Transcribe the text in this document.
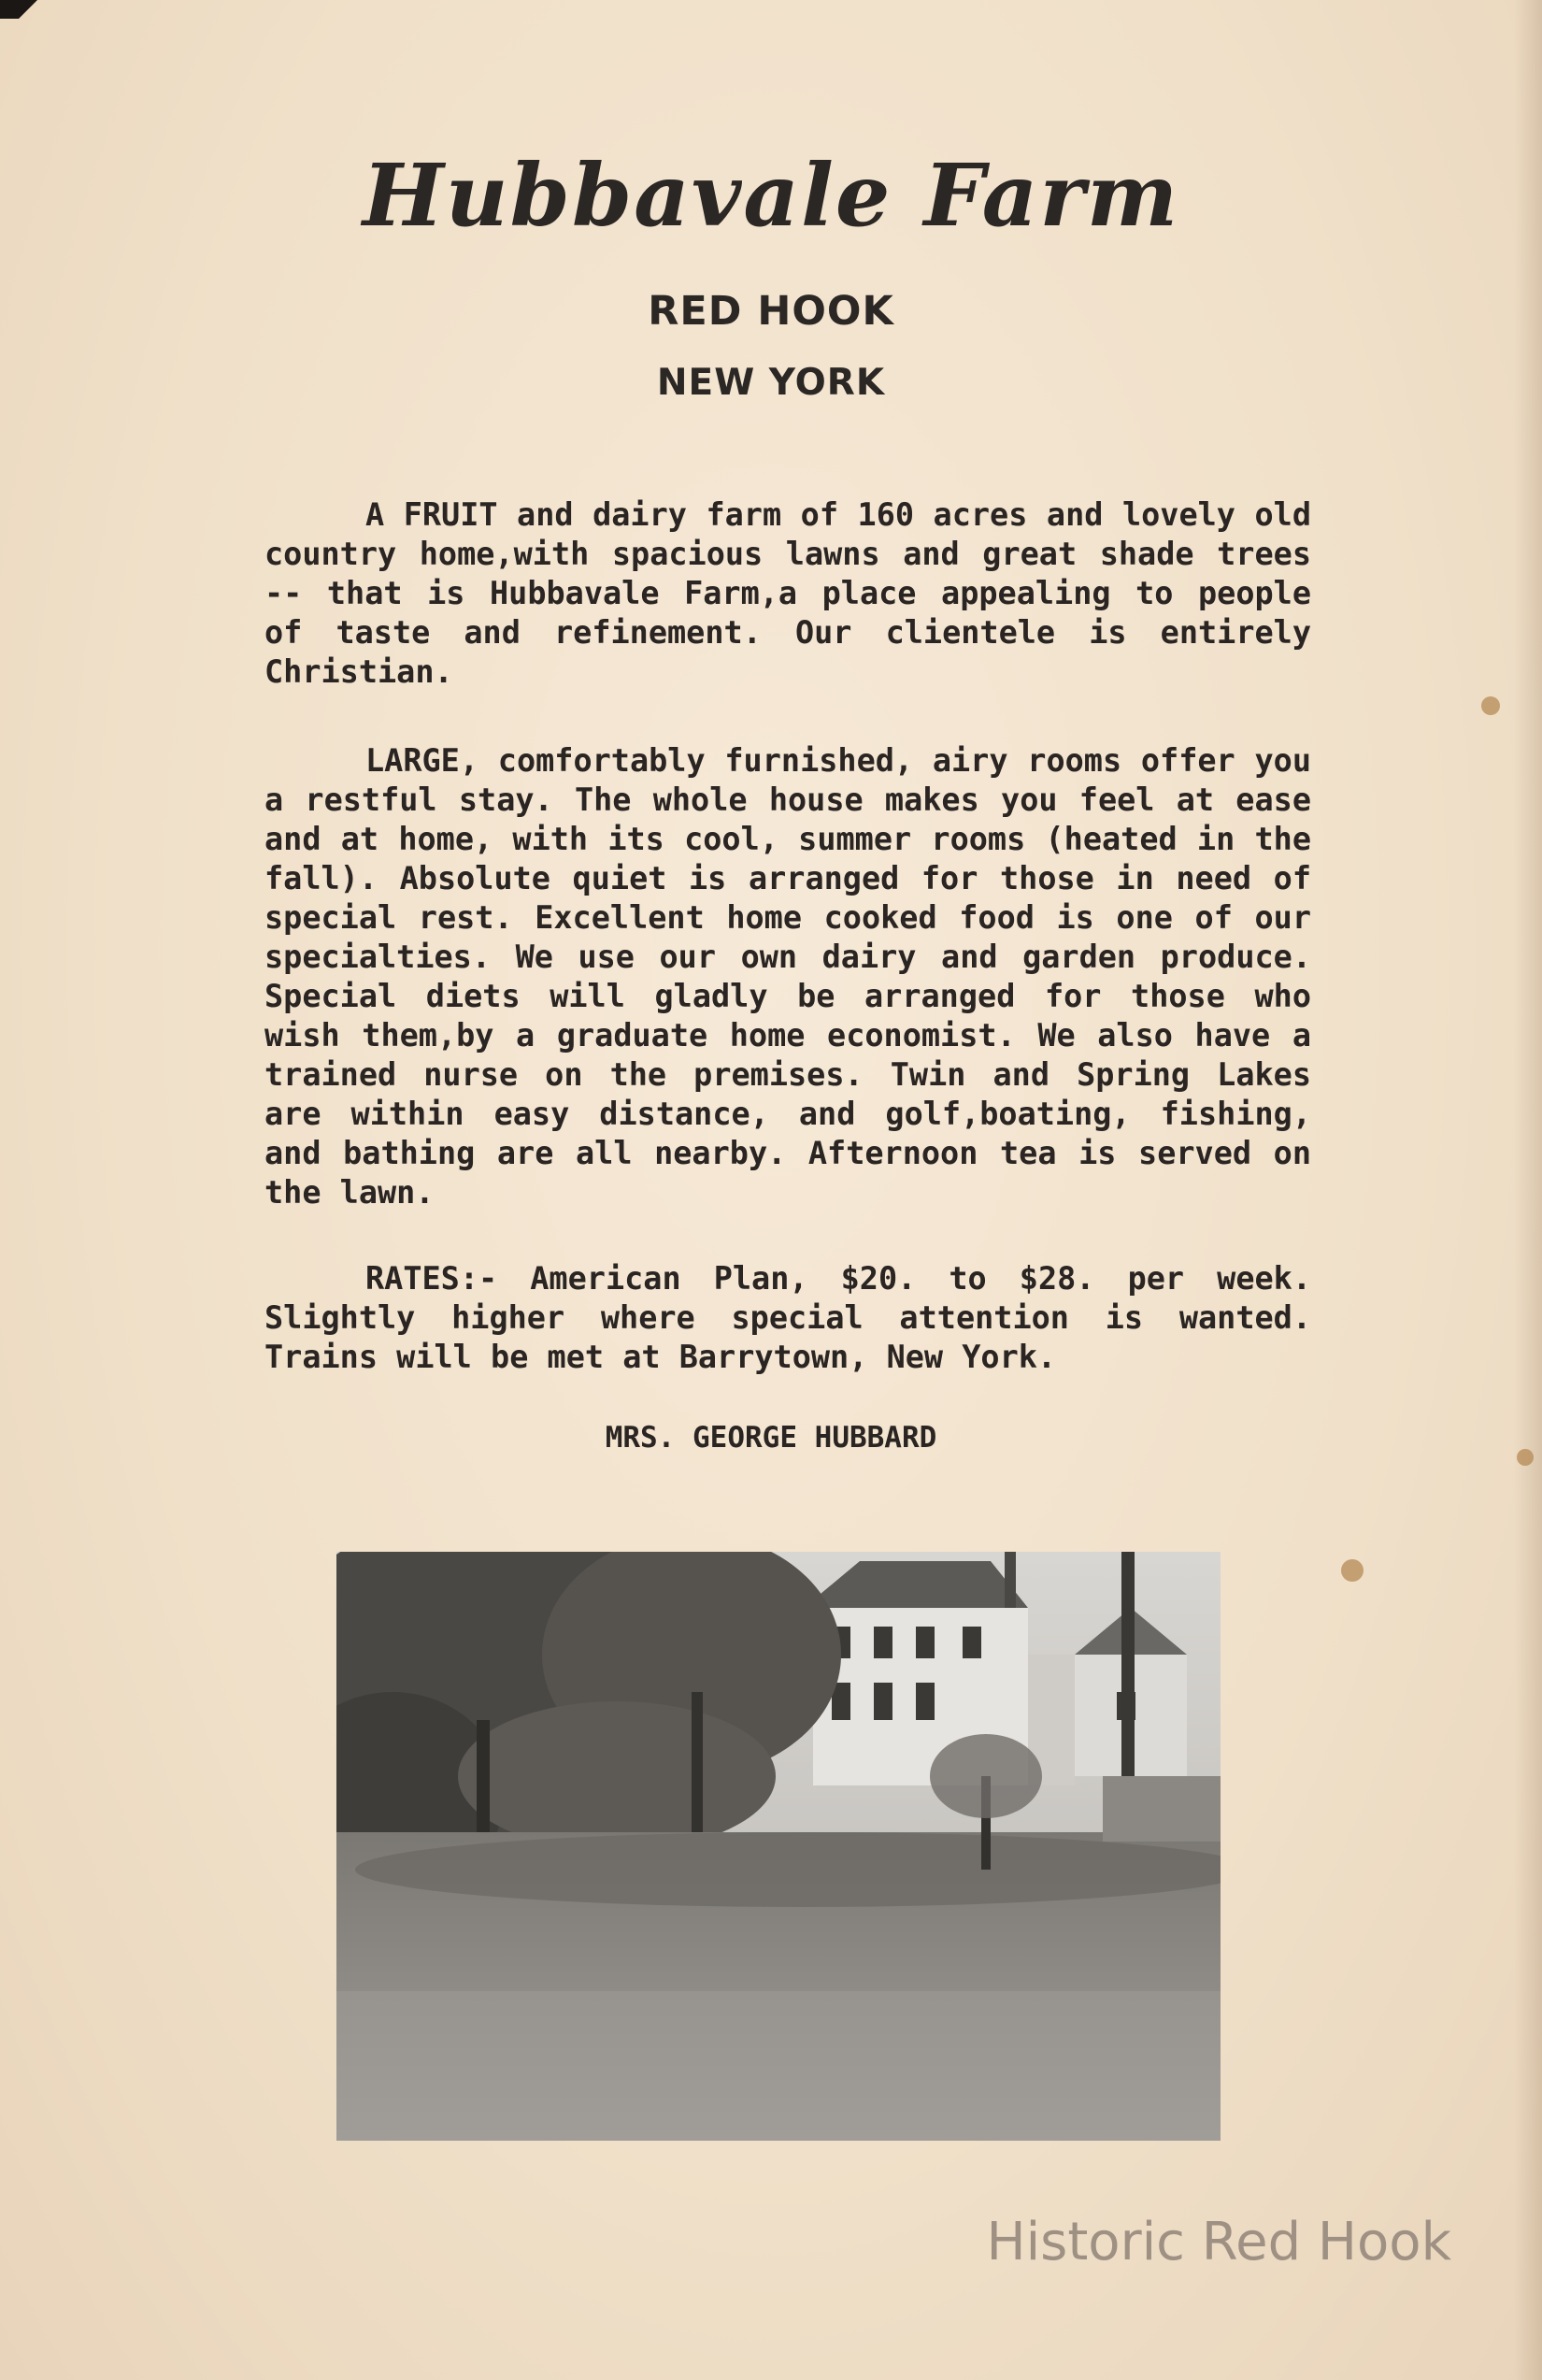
Hubbavale Farm
RED HOOK
NEW YORK
A FRUIT and dairy farm of 160 acres and lovely old country home,with spacious lawns and great shade trees -- that is Hubbavale Farm,a place appealing to people of taste and refinement. Our clientele is entirely Christian.
LARGE, comfortably furnished, airy rooms offer you a restful stay. The whole house makes you feel at ease and at home, with its cool, summer rooms (heated in the fall). Absolute quiet is arranged for those in need of special rest. Excellent home cooked food is one of our specialties. We use our own dairy and garden produce. Special diets will gladly be arranged for those who wish them,by a graduate home economist. We also have a trained nurse on the premises. Twin and Spring Lakes are within easy distance, and golf,boating, fishing, and bathing are all nearby. Afternoon tea is served on the lawn.
RATES:- American Plan, $20. to $28. per week. Slightly higher where special attention is wanted. Trains will be met at Barrytown, New York.
MRS. GEORGE HUBBARD
Historic Red Hook
